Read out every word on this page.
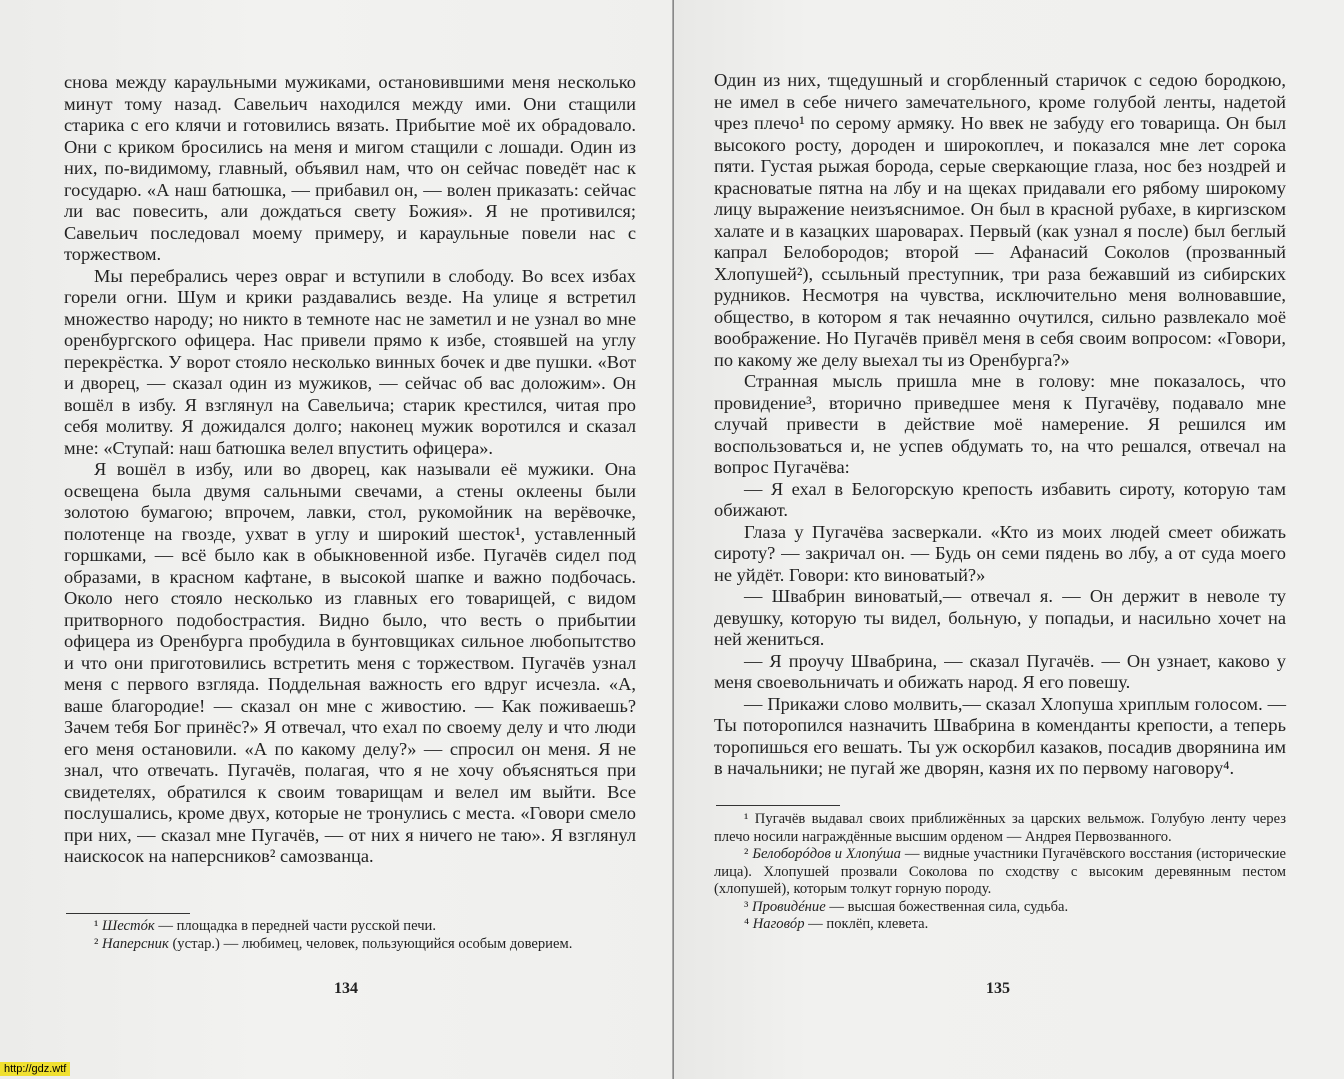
снова между караульными мужиками, остановившими меня несколько минут тому назад. Савельич находился между ими. Они стащили старика с его клячи и готовились вязать. Прибытие моё их обрадовало. Они с криком бросились на меня и мигом стащили с лошади. Один из них, по-видимому, главный, объявил нам, что он сейчас поведёт нас к государю. «А наш батюшка, — прибавил он, — волен приказать: сейчас ли вас повесить, али дождаться свету Божия». Я не противился; Савельич последовал моему примеру, и караульные повели нас с торжеством.

Мы перебрались через овраг и вступили в слободу. Во всех избах горели огни. Шум и крики раздавались везде. На улице я встретил множество народу; но никто в темноте нас не заметил и не узнал во мне оренбургского офицера. Нас привели прямо к избе, стоявшей на углу перекрёстка. У ворот стояло несколько винных бочек и две пушки. «Вот и дворец, — сказал один из мужиков, — сейчас об вас доложим». Он вошёл в избу. Я взглянул на Савельича; старик крестился, читая про себя молитву. Я дожидался долго; наконец мужик воротился и сказал мне: «Ступай: наш батюшка велел впустить офицера».

Я вошёл в избу, или во дворец, как называли её мужики. Она освещена была двумя сальными свечами, а стены оклеены были золотою бумагою; впрочем, лавки, стол, рукомойник на верёвочке, полотенце на гвозде, ухват в углу и широкий шесток¹, уставленный горшками, — всё было как в обыкновенной избе. Пугачёв сидел под образами, в красном кафтане, в высокой шапке и важно подбочась. Около него стояло несколько из главных его товарищей, с видом притворного подобострастия. Видно было, что весть о прибытии офицера из Оренбурга пробудила в бунтовщиках сильное любопытство и что они приготовились встретить меня с торжеством. Пугачёв узнал меня с первого взгляда. Поддельная важность его вдруг исчезла. «А, ваше благородие! — сказал он мне с живостию. — Как поживаешь? Зачем тебя Бог принёс?» Я отвечал, что ехал по своему делу и что люди его меня остановили. «А по какому делу?» — спросил он меня. Я не знал, что отвечать. Пугачёв, полагая, что я не хочу объясняться при свидетелях, обратился к своим товарищам и велел им выйти. Все послушались, кроме двух, которые не тронулись с места. «Говори смело при них, — сказал мне Пугачёв, — от них я ничего не таю». Я взглянул наискосок на наперсников² самозванца.

¹ Шестóк — площадка в передней части русской печи.

² Наперсник (устар.) — любимец, человек, пользующийся особым доверием.

134

Один из них, тщедушный и сгорбленный старичок с седою бородкою, не имел в себе ничего замечательного, кроме голубой ленты, надетой чрез плечо¹ по серому армяку. Но ввек не забуду его товарища. Он был высокого росту, дороден и широкоплеч, и показался мне лет сорока пяти. Густая рыжая борода, серые сверкающие глаза, нос без ноздрей и красноватые пятна на лбу и на щеках придавали его рябому широкому лицу выражение неизъяснимое. Он был в красной рубахе, в киргизском халате и в казацких шароварах. Первый (как узнал я после) был беглый капрал Белобородов; второй — Афанасий Соколов (прозванный Хлопушей²), ссыльный преступник, три раза бежавший из сибирских рудников. Несмотря на чувства, исключительно меня волновавшие, общество, в котором я так нечаянно очутился, сильно развлекало моё воображение. Но Пугачёв привёл меня в себя своим вопросом: «Говори, по какому же делу выехал ты из Оренбурга?»

Странная мысль пришла мне в голову: мне показалось, что провидение³, вторично приведшее меня к Пугачёву, подавало мне случай привести в действие моё намерение. Я решился им воспользоваться и, не успев обдумать то, на что решался, отвечал на вопрос Пугачёва:

— Я ехал в Белогорскую крепость избавить сироту, которую там обижают.

Глаза у Пугачёва засверкали. «Кто из моих людей смеет обижать сироту? — закричал он. — Будь он семи пядень во лбу, а от суда моего не уйдёт. Говори: кто виноватый?»

— Швабрин виноватый,— отвечал я. — Он держит в неволе ту девушку, которую ты видел, больную, у попадьи, и насильно хочет на ней жениться.

— Я проучу Швабрина, — сказал Пугачёв. — Он узнает, каково у меня своевольничать и обижать народ. Я его повешу.

— Прикажи слово молвить,— сказал Хлопуша хриплым голосом. — Ты поторопился назначить Швабрина в коменданты крепости, а теперь торопишься его вешать. Ты уж оскорбил казаков, посадив дворянина им в начальники; не пугай же дворян, казня их по первому наговору⁴.

¹ Пугачёв выдавал своих приближённых за царских вельмож. Голубую ленту через плечо носили награждённые высшим орденом — Андрея Первозванного.

² Белоборóдов и Хлопýша — видные участники Пугачёвского восстания (исторические лица). Хлопушей прозвали Соколова по сходству с высоким деревянным пестом (хлопушей), которым толкут горную породу.

³ Провидéние — высшая божественная сила, судьба.

⁴ Наговóр — поклёп, клевета.

135
http://gdz.wtf
